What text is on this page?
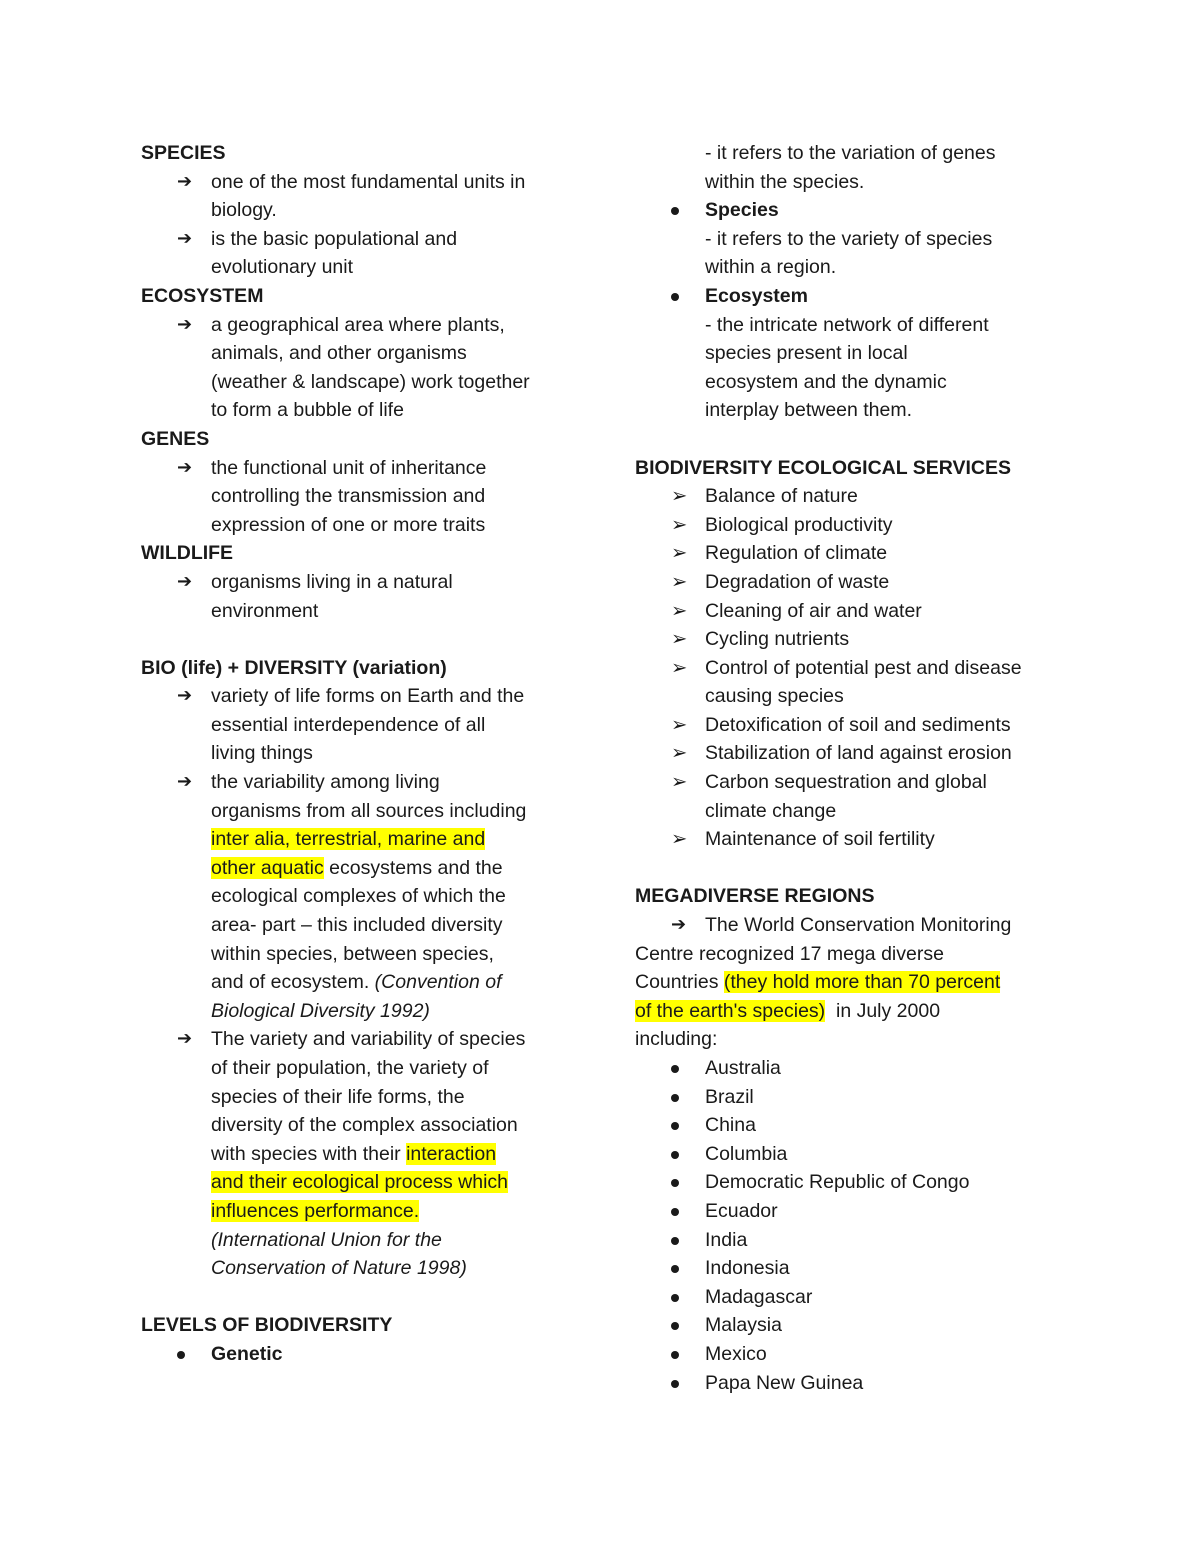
SPECIES
➔ one of the most fundamental units in
biology.
➔ is the basic populational and
evolutionary unit
ECOSYSTEM
➔ a geographical area where plants,
animals, and other organisms
(weather & landscape) work together
to form a bubble of life
GENES
➔ the functional unit of inheritance
controlling the transmission and
expression of one or more traits
WILDLIFE
➔ organisms living in a natural
environment
BIO (life) + DIVERSITY (variation)
➔ variety of life forms on Earth and the
essential interdependence of all
living things
➔ the variability among living
organisms from all sources including
inter alia, terrestrial, marine and
other aquatic ecosystems and the
ecological complexes of which the
area- part – this included diversity
within species, between species,
and of ecosystem. (Convention of
Biological Diversity 1992)
➔ The variety and variability of species
of their population, the variety of
species of their life forms, the
diversity of the complex association
with species with their interaction
and their ecological process which
influences performance.
(International Union for the
Conservation of Nature 1998)
LEVELS OF BIODIVERSITY
Genetic
- it refers to the variation of genes
within the species.
Species
- it refers to the variety of species
within a region.
Ecosystem
- the intricate network of different
species present in local
ecosystem and the dynamic
interplay between them.
BIODIVERSITY ECOLOGICAL SERVICES
➢ Balance of nature
➢ Biological productivity
➢ Regulation of climate
➢ Degradation of waste
➢ Cleaning of air and water
➢ Cycling nutrients
➢ Control of potential pest and disease
causing species
➢ Detoxification of soil and sediments
➢ Stabilization of land against erosion
➢ Carbon sequestration and global
climate change
➢ Maintenance of soil fertility
MEGADIVERSE REGIONS
➔ The World Conservation Monitoring
Centre recognized 17 mega diverse
Countries (they hold more than 70 percent
of the earth's species)  in July 2000
including:
Australia
Brazil
China
Columbia
Democratic Republic of Congo
Ecuador
India
Indonesia
Madagascar
Malaysia
Mexico
Papa New Guinea
